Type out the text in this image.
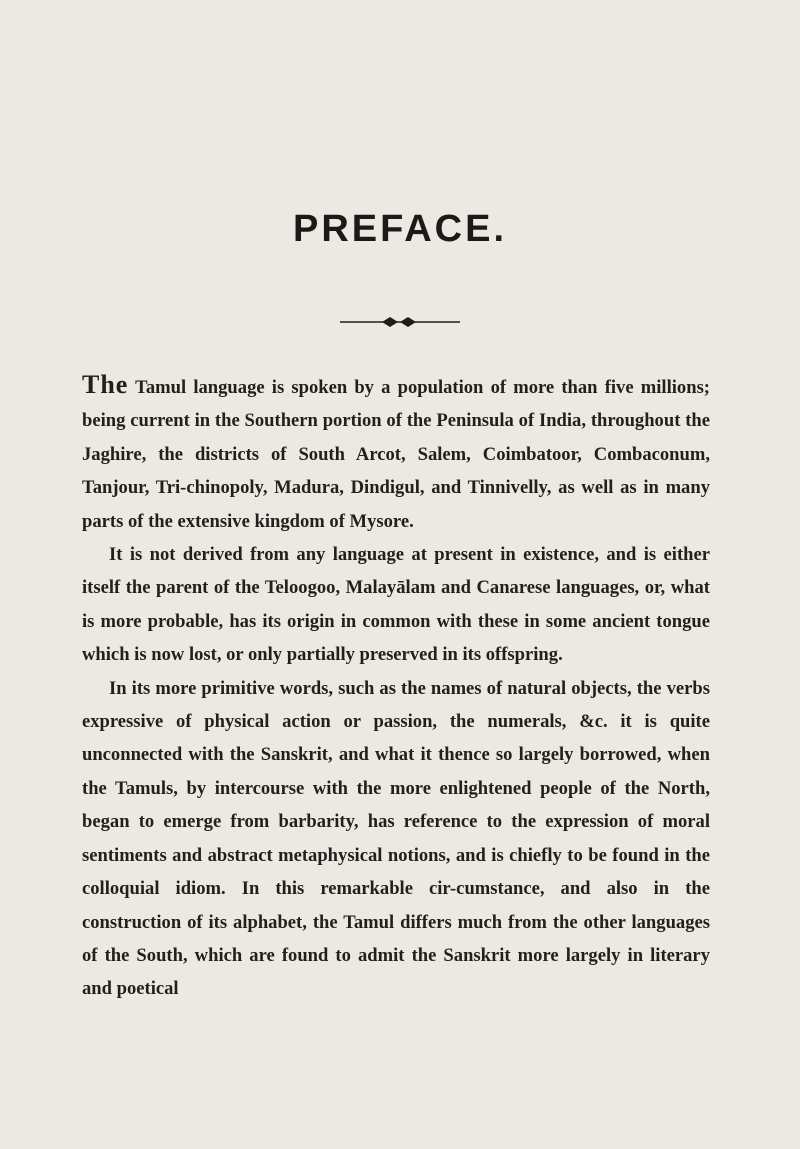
PREFACE.

The Tamul language is spoken by a population of more than five millions; being current in the Southern portion of the Peninsula of India, throughout the Jaghire, the districts of South Arcot, Salem, Coimbatoor, Combaconum, Tanjour, Tri-chinopoly, Madura, Dindigul, and Tinnivelly, as well as in many parts of the extensive kingdom of Mysore.

It is not derived from any language at present in existence, and is either itself the parent of the Teloogoo, Malayālam and Canarese languages, or, what is more probable, has its origin in common with these in some ancient tongue which is now lost, or only partially preserved in its offspring.

In its more primitive words, such as the names of natural objects, the verbs expressive of physical action or passion, the numerals, &c. it is quite unconnected with the Sanskrit, and what it thence so largely borrowed, when the Tamuls, by intercourse with the more enlightened people of the North, began to emerge from barbarity, has reference to the expression of moral sentiments and abstract metaphysical notions, and is chiefly to be found in the colloquial idiom. In this remarkable cir-cumstance, and also in the construction of its alphabet, the Tamul differs much from the other languages of the South, which are found to admit the Sanskrit more largely in literary and poetical
